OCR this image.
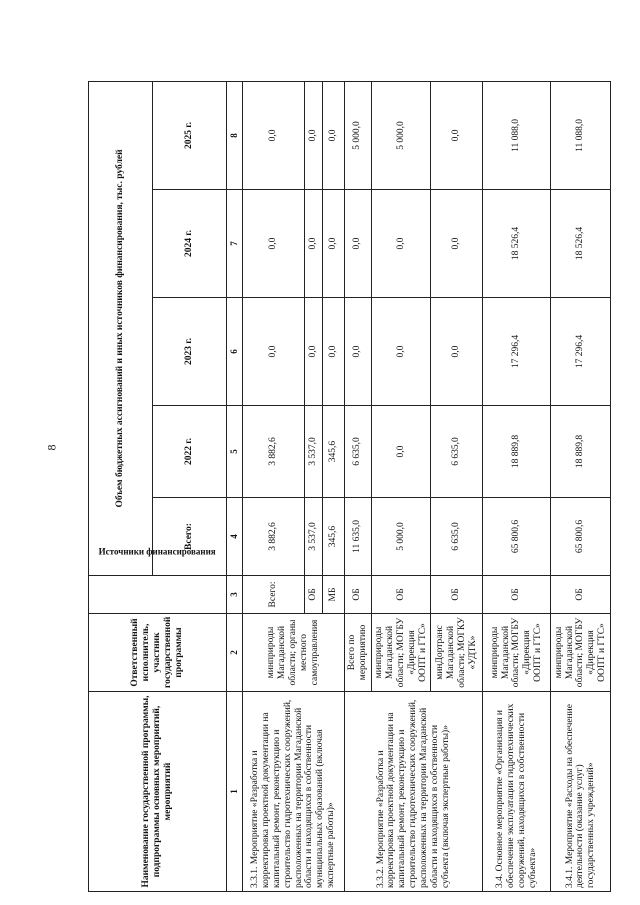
8
Наименование государственной программы, подпрограммы основных мероприятий, мероприятий	Ответственный исполнитель, участник государственной программы	Источники финансирования	Объем бюджетных ассигнований и иных источников финансирования, тыс. рублей				
			Всего:	2022 г.	2023 г.	2024 г.	2025 г.
1	2	3	4	5	6	7	8
3.3.1. Мероприятие «Разработка и корректировка проектной документации на капитальный ремонт, реконструкцию и строительство гидротехнических сооружений, расположенных на территории Магаданской области и находящихся в собственности муниципальных образований (включая экспертные работы)»	минприроды Магаданской области; органы местного самоуправления	Всего:	3 882,6	3 882,6	0,0	0,0	0,0
		ОБ	3 537,0	3 537,0	0,0	0,0	0,0
		МБ	345,6	345,6	0,0	0,0	0,0
3.3.2. Мероприятие «Разработка и корректировка проектной документации на капитальный ремонт, реконструкцию и строительство гидротехнических сооружений, расположенных на территории Магаданской области и находящихся в собственности субъекта (включая экспертные работы)»	Всего по мероприятию	ОБ	11 635,0	6 635,0	0,0	0,0	5 000,0
	минприроды Магаданской области; МОГБУ «Дирекция ООПТ и ГТС»	ОБ	5 000,0	0,0	0,0	0,0	5 000,0
	минДортранс Магаданской области; МОГКУ «УДТК»	ОБ	6 635,0	6 635,0	0,0	0,0	0,0
3.4. Основное мероприятие «Организация и обеспечение эксплуатации гидротехнических сооружений, находящихся в собственности субъекта»	минприроды Магаданской области; МОГБУ «Дирекция ООПТ и ГТС»	ОБ	65 800,6	18 889,8	17 296,4	18 526,4	11 088,0
3.4.1. Мероприятие «Расходы на обеспечение деятельности (оказание услуг) государственных учреждений»	минприроды Магаданской области; МОГБУ «Дирекция ООПТ и ГТС»	ОБ	65 800,6	18 889,8	17 296,4	18 526,4	11 088,0
